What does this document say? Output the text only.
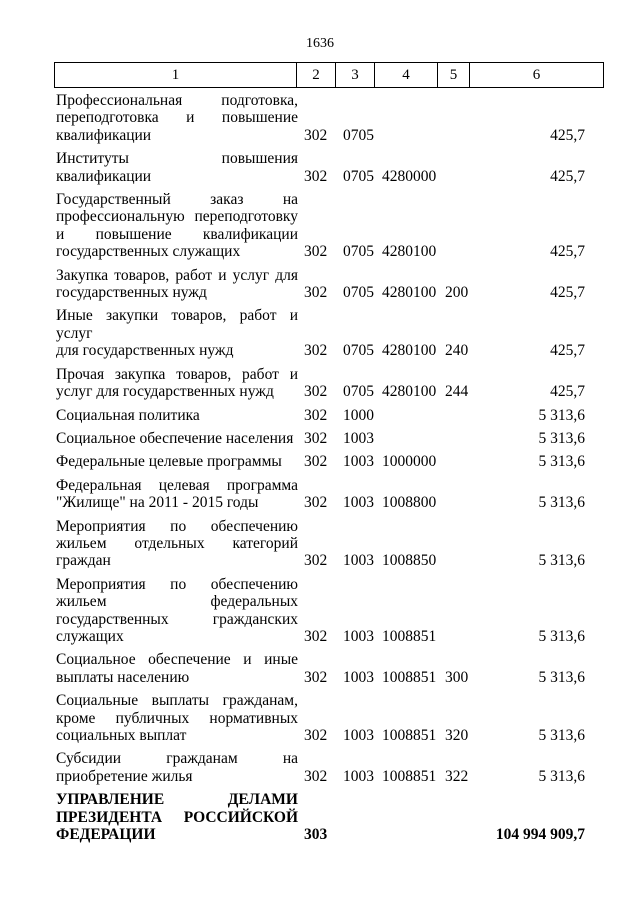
1636
1	2	3	4	5	6
Профессиональная подготовка,
переподготовка и повышение
квалификации	302 0705	425,7
Институты повышения
квалификации	302 0705 4280000	425,7
Государственный заказ на
профессиональную переподготовку
и повышение квалификации
государственных служащих	302 0705 4280100	425,7
Закупка товаров, работ и услуг для
государственных нужд	302 0705 4280100 200	425,7
Иные закупки товаров, работ и услуг
для государственных нужд	302 0705 4280100 240	425,7
Прочая закупка товаров, работ и
услуг для государственных нужд	302 0705 4280100 244	425,7
Социальная политика	302 1000	5 313,6
Социальное обеспечение населения 302 1003	5 313,6
Федеральные целевые программы	302 1003 1000000	5 313,6
Федеральная целевая программа
"Жилище" на 2011 - 2015 годы	302 1003 1008800	5 313,6
Мероприятия по обеспечению
жильем отдельных категорий
граждан	302 1003 1008850	5 313,6
Мероприятия по обеспечению
жильем федеральных
государственных гражданских
служащих	302 1003 1008851	5 313,6
Социальное обеспечение и иные
выплаты населению	302 1003 1008851 300	5 313,6
Социальные выплаты гражданам,
кроме публичных нормативных
социальных выплат	302 1003 1008851 320	5 313,6
Субсидии гражданам на
приобретение жилья	302 1003 1008851 322	5 313,6
УПРАВЛЕНИЕ ДЕЛАМИ
ПРЕЗИДЕНТА РОССИЙСКОЙ
ФЕДЕРАЦИИ	303	104 994 909,7
